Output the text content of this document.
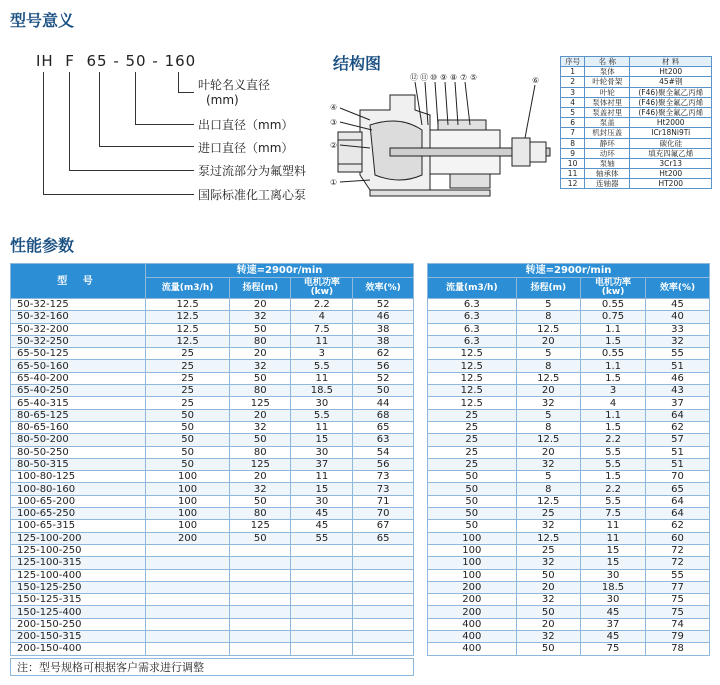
型号意义
IH F 65 - 50 - 160
叶轮名义直径
(mm)
出口直径（mm）
进口直径（mm）
泵过流部分为氟塑料
国际标准化工离心泵
结构图
⑫ ⑪ ⑩ ⑨ ⑧ ⑦	⑥
④
③
②
①
⑤
序号	名 称	材 料
1	泵体	Ht200
2	叶轮骨架	45#钢
3	叶轮	(F46)聚全氟乙丙烯
4	泵体衬里	(F46)聚全氟乙丙烯
5	泵盖衬里	(F46)聚全氟乙丙烯
6	泵盖	Ht2000
7	机封压盖	ICr18Ni9Ti
8	静环	碳化硅
9	动环	填充四氟乙烯
10	泵轴	3Cr13
11	轴承体	Ht200
12	连轴器	HT200
性能参数
型 号	转速=2900r/min			
	流量(m3/h)	扬程(m)	电机功率
(kw)	效率(%)
50-32-125	12.5	20	2.2	52
50-32-160	12.5	32	4	46
50-32-200	12.5	50	7.5	38
50-32-250	12.5	80	11	38
65-50-125	25	20	3	62
65-50-160	25	32	5.5	56
65-40-200	25	50	11	52
65-40-250	25	80	18.5	50
65-40-315	25	125	30	44
80-65-125	50	20	5.5	68
80-65-160	50	32	11	65
80-50-200	50	50	15	63
80-50-250	50	80	30	54
80-50-315	50	125	37	56
100-80-125	100	20	11	73
100-80-160	100	32	15	73
100-65-200	100	50	30	71
100-65-250	100	80	45	70
100-65-315	100	125	45	67
125-100-200	200	50	55	65
125-100-250				
125-100-315				
125-100-400				
150-125-250				
150-125-315				
150-125-400				
200-150-250				
200-150-315				
200-150-400				
转速=2900r/min			
流量(m3/h)	扬程(m)	电机功率
(kw)	效率(%)
6.3	5	0.55	45
6.3	8	0.75	40
6.3	12.5	1.1	33
6.3	20	1.5	32
12.5	5	0.55	55
12.5	8	1.1	51
12.5	12.5	1.5	46
12.5	20	3	43
12.5	32	4	37
25	5	1.1	64
25	8	1.5	62
25	12.5	2.2	57
25	20	5.5	51
25	32	5.5	51
50	5	1.5	70
50	8	2.2	65
50	12.5	5.5	64
50	25	7.5	64
50	32	11	62
100	12.5	11	60
100	25	15	72
100	32	15	72
100	50	30	55
200	20	18.5	77
200	32	30	75
200	50	45	75
400	20	37	74
400	32	45	79
400	50	75	78
注：型号规格可根据客户需求进行调整
